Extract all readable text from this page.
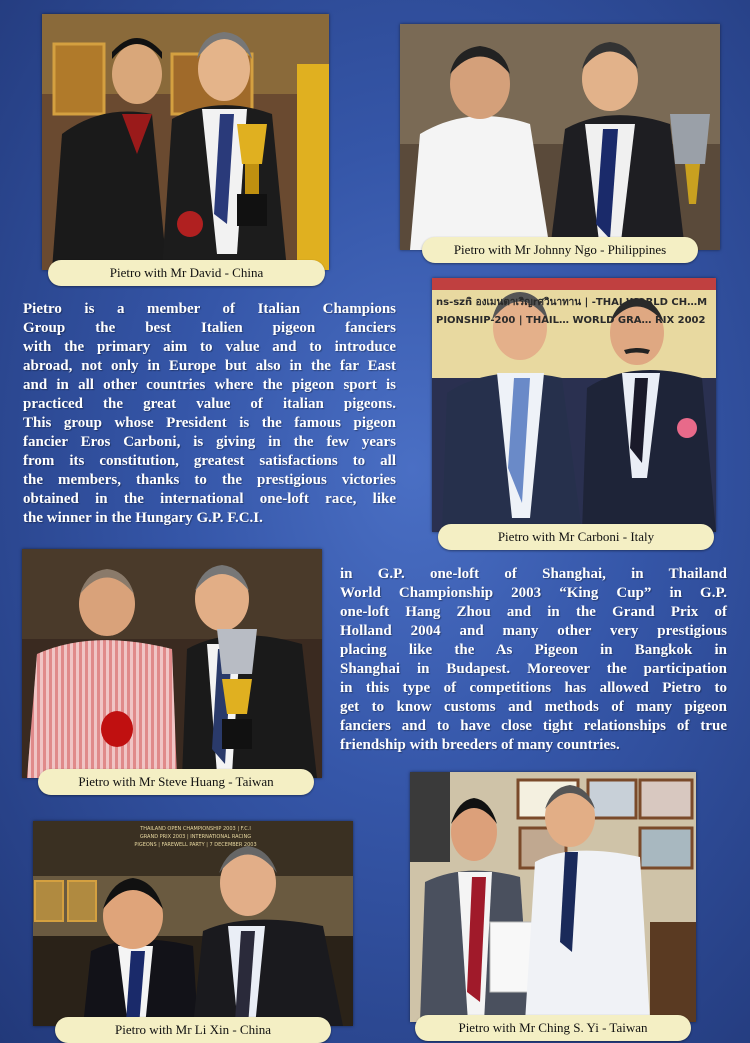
Pietro with Mr David - China
Pietro with Mr Johnny Ngo - Philippines
ns-sznิ องเมนตาเริญrศวินาทาน | -THAI WORLD CH…MPIONSHIP-200 | THAIL… WORLD GRA… RIX 2002
Pietro with Mr Carboni - Italy
Pietro is a member of Italian Champions
Group the best Italien pigeon fanciers
with the primary aim to value and to introduce
abroad, not only in Europe but also in the far East
and in all other countries where the pigeon sport is
practiced the great value of italian pigeons.
This group whose President is the famous pigeon
fancier Eros Carboni, is giving in the few years
from its constitution, greatest satisfactions to all
the members, thanks to the prestigious victories
obtained in the international one-loft race, like
the winner in the Hungary G.P. F.C.I.
Pietro with Mr Steve Huang - Taiwan
in G.P. one-loft of Shanghai, in Thailand
World Championship 2003 “King Cup” in G.P.
one-loft Hang Zhou and in the Grand Prix of
Holland 2004 and many other very prestigious
placing like the As Pigeon in Bangkok in
Shanghai in Budapest. Moreover the participation
in this type of competitions has allowed Pietro to
get to know customs and methods of many pigeon
fanciers and to have close tight relationships of true
friendship with breeders of many countries.
THAILAND OPEN CHAMPIONSHIP 2003 | F.C.I GRAND PRIX 2003 | INTERNATIONAL RACING PIGEONS | FAREWELL PARTY | 7 DECEMBER 2003
Pietro with Mr Li Xin - China	Pietro with Mr Ching S. Yi - Taiwan
